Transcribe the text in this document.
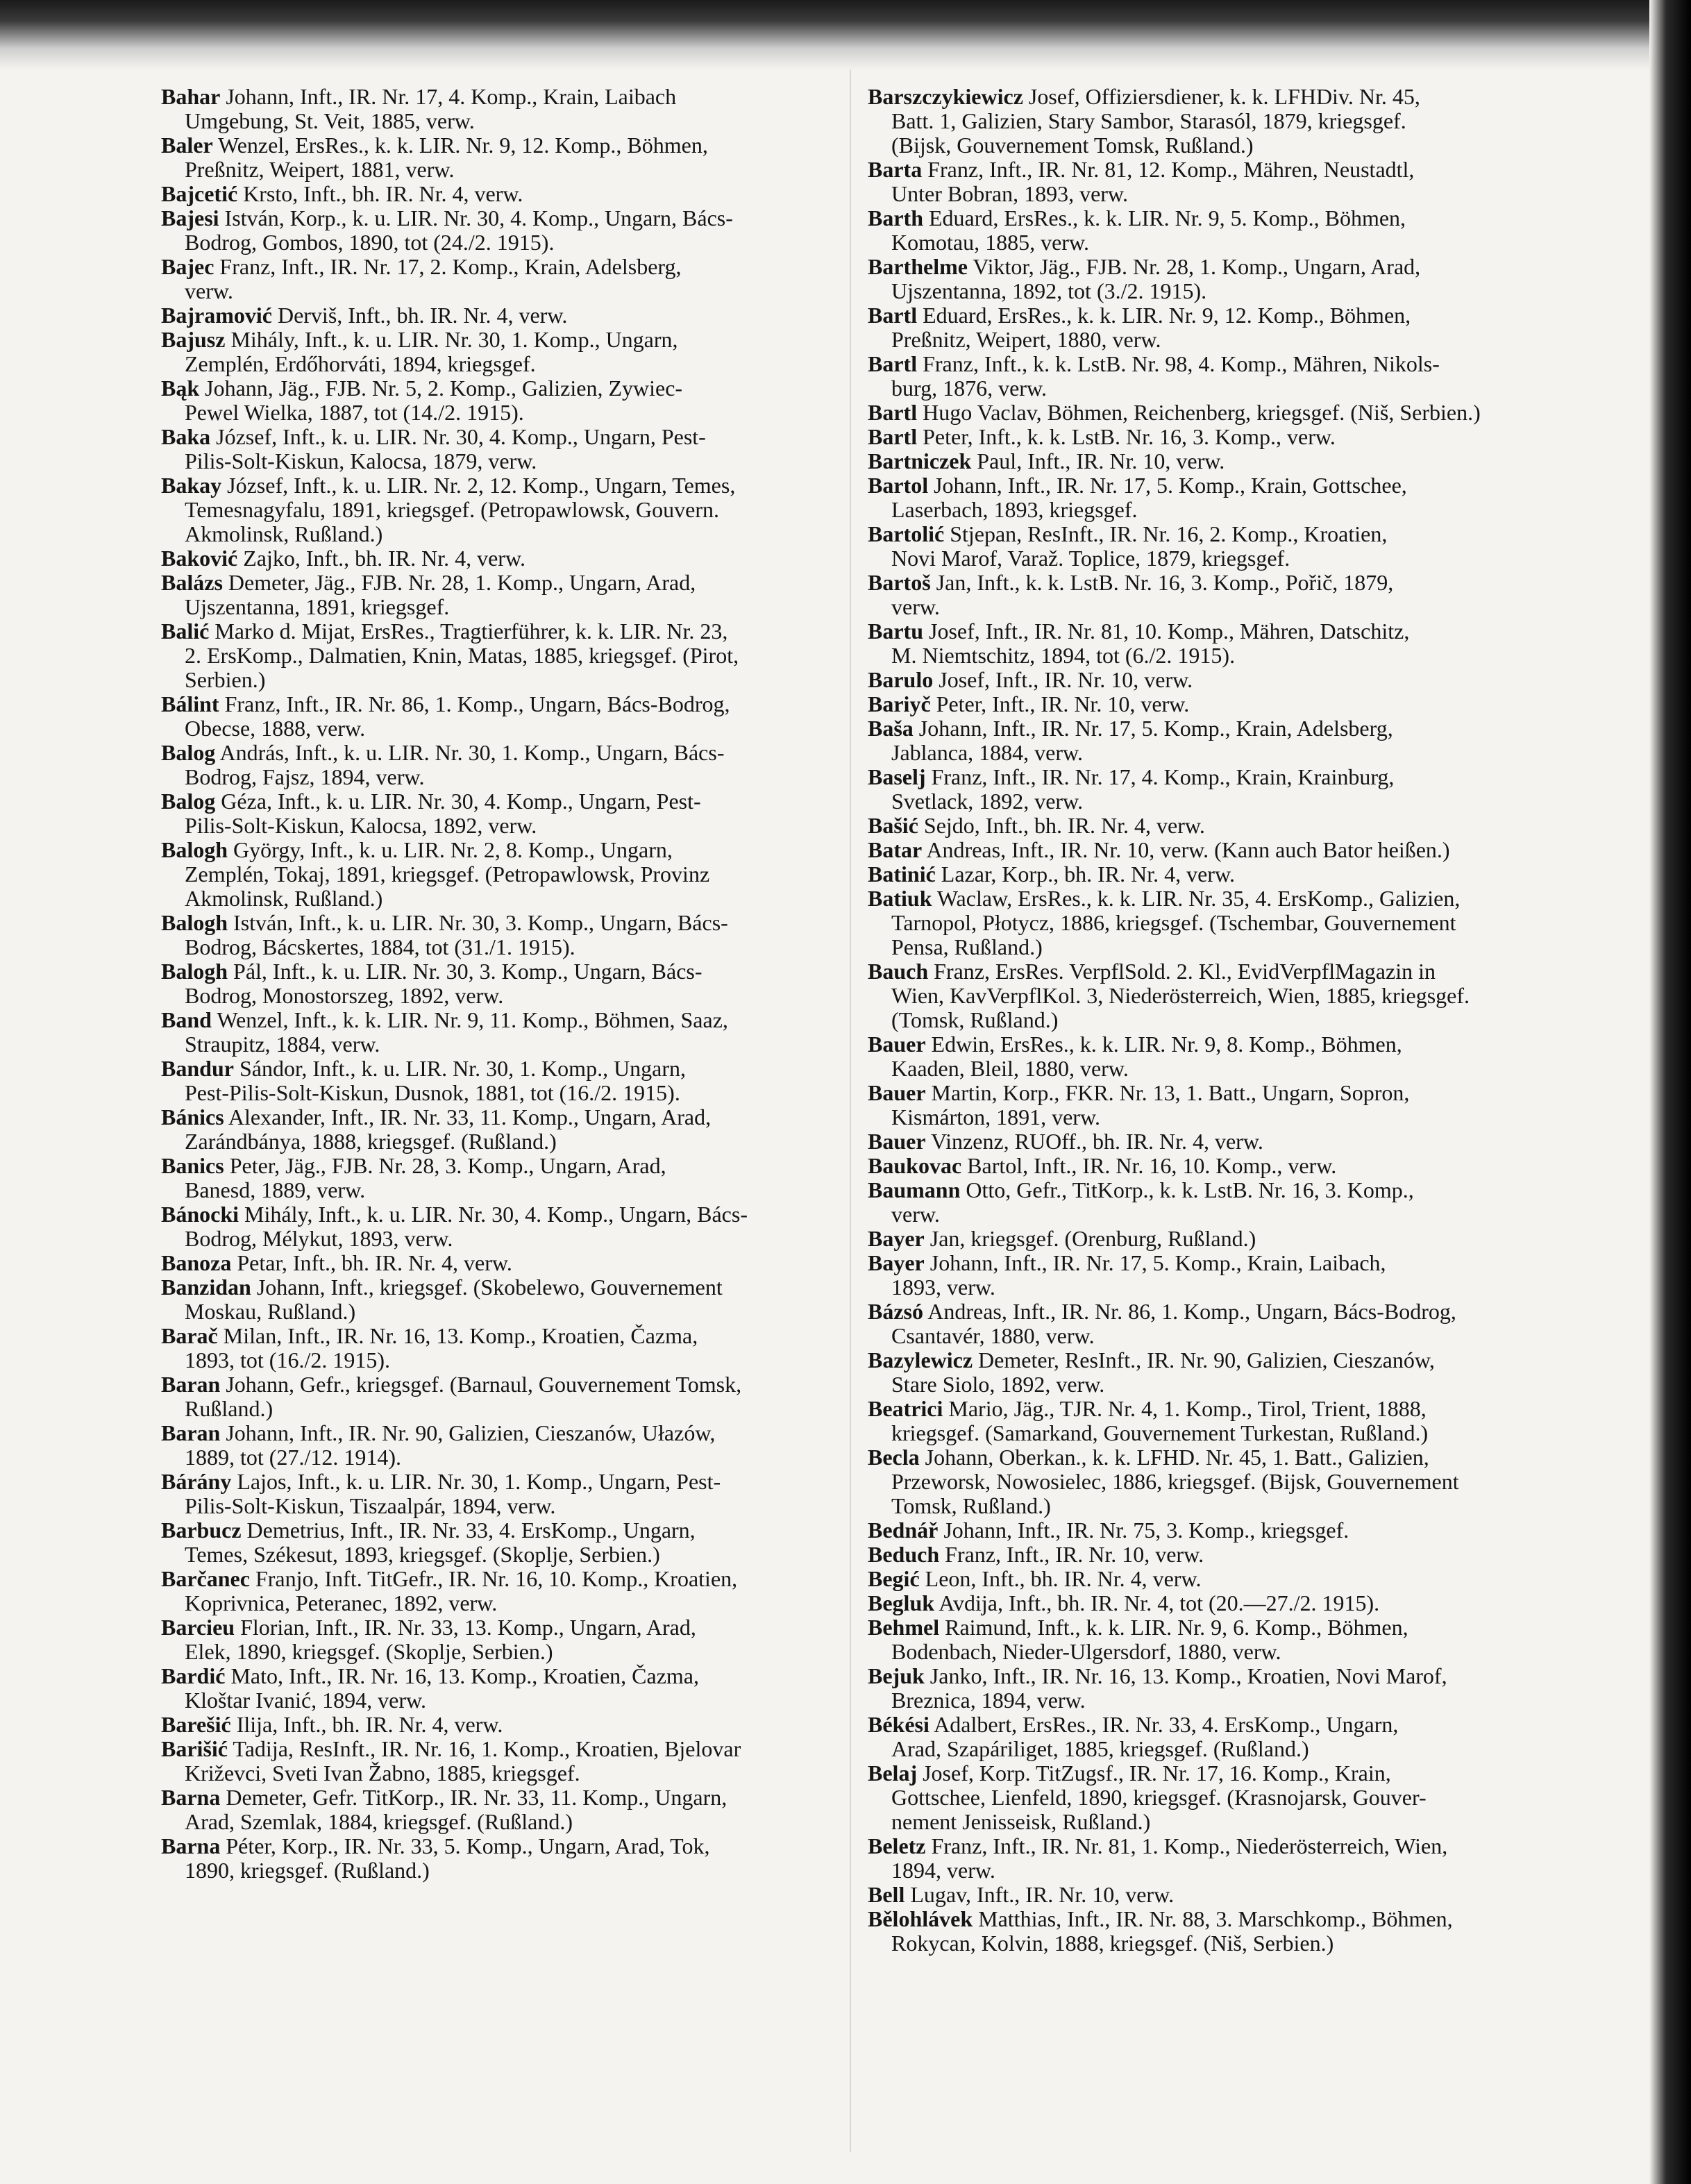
Bahar Johann, Inft., IR. Nr. 17, 4. Komp., Krain, Laibach
Umgebung, St. Veit, 1885, verw.
Baler Wenzel, ErsRes., k. k. LIR. Nr. 9, 12. Komp., Böhmen,
Preßnitz, Weipert, 1881, verw.
Bajcetić Krsto, Inft., bh. IR. Nr. 4, verw.
Bajesi István, Korp., k. u. LIR. Nr. 30, 4. Komp., Ungarn, Bács-
Bodrog, Gombos, 1890, tot (24./2. 1915).
Bajec Franz, Inft., IR. Nr. 17, 2. Komp., Krain, Adelsberg,
verw.
Bajramović Derviš, Inft., bh. IR. Nr. 4, verw.
Bajusz Mihály, Inft., k. u. LIR. Nr. 30, 1. Komp., Ungarn,
Zemplén, Erdőhorváti, 1894, kriegsgef.
Bąk Johann, Jäg., FJB. Nr. 5, 2. Komp., Galizien, Zywiec-
Pewel Wielka, 1887, tot (14./2. 1915).
Baka József, Inft., k. u. LIR. Nr. 30, 4. Komp., Ungarn, Pest-
Pilis-Solt-Kiskun, Kalocsa, 1879, verw.
Bakay József, Inft., k. u. LIR. Nr. 2, 12. Komp., Ungarn, Temes,
Temesnagyfalu, 1891, kriegsgef. (Petropawlowsk, Gouvern.
Akmolinsk, Rußland.)
Baković Zajko, Inft., bh. IR. Nr. 4, verw.
Balázs Demeter, Jäg., FJB. Nr. 28, 1. Komp., Ungarn, Arad,
Ujszentanna, 1891, kriegsgef.
Balić Marko d. Mijat, ErsRes., Tragtierführer, k. k. LIR. Nr. 23,
2. ErsKomp., Dalmatien, Knin, Matas, 1885, kriegsgef. (Pirot,
Serbien.)
Bálint Franz, Inft., IR. Nr. 86, 1. Komp., Ungarn, Bács-Bodrog,
Obecse, 1888, verw.
Balog András, Inft., k. u. LIR. Nr. 30, 1. Komp., Ungarn, Bács-
Bodrog, Fajsz, 1894, verw.
Balog Géza, Inft., k. u. LIR. Nr. 30, 4. Komp., Ungarn, Pest-
Pilis-Solt-Kiskun, Kalocsa, 1892, verw.
Balogh György, Inft., k. u. LIR. Nr. 2, 8. Komp., Ungarn,
Zemplén, Tokaj, 1891, kriegsgef. (Petropawlowsk, Provinz
Akmolinsk, Rußland.)
Balogh István, Inft., k. u. LIR. Nr. 30, 3. Komp., Ungarn, Bács-
Bodrog, Bácskertes, 1884, tot (31./1. 1915).
Balogh Pál, Inft., k. u. LIR. Nr. 30, 3. Komp., Ungarn, Bács-
Bodrog, Monostorszeg, 1892, verw.
Band Wenzel, Inft., k. k. LIR. Nr. 9, 11. Komp., Böhmen, Saaz,
Straupitz, 1884, verw.
Bandur Sándor, Inft., k. u. LIR. Nr. 30, 1. Komp., Ungarn,
Pest-Pilis-Solt-Kiskun, Dusnok, 1881, tot (16./2. 1915).
Bánics Alexander, Inft., IR. Nr. 33, 11. Komp., Ungarn, Arad,
Zarándbánya, 1888, kriegsgef. (Rußland.)
Banics Peter, Jäg., FJB. Nr. 28, 3. Komp., Ungarn, Arad,
Banesd, 1889, verw.
Bánocki Mihály, Inft., k. u. LIR. Nr. 30, 4. Komp., Ungarn, Bács-
Bodrog, Mélykut, 1893, verw.
Banoza Petar, Inft., bh. IR. Nr. 4, verw.
Banzidan Johann, Inft., kriegsgef. (Skobelewo, Gouvernement
Moskau, Rußland.)
Barač Milan, Inft., IR. Nr. 16, 13. Komp., Kroatien, Čazma,
1893, tot (16./2. 1915).
Baran Johann, Gefr., kriegsgef. (Barnaul, Gouvernement Tomsk,
Rußland.)
Baran Johann, Inft., IR. Nr. 90, Galizien, Cieszanów, Ułazów,
1889, tot (27./12. 1914).
Bárány Lajos, Inft., k. u. LIR. Nr. 30, 1. Komp., Ungarn, Pest-
Pilis-Solt-Kiskun, Tiszaalpár, 1894, verw.
Barbucz Demetrius, Inft., IR. Nr. 33, 4. ErsKomp., Ungarn,
Temes, Székesut, 1893, kriegsgef. (Skoplje, Serbien.)
Barčanec Franjo, Inft. TitGefr., IR. Nr. 16, 10. Komp., Kroatien,
Koprivnica, Peteranec, 1892, verw.
Barcieu Florian, Inft., IR. Nr. 33, 13. Komp., Ungarn, Arad,
Elek, 1890, kriegsgef. (Skoplje, Serbien.)
Bardić Mato, Inft., IR. Nr. 16, 13. Komp., Kroatien, Čazma,
Kloštar Ivanić, 1894, verw.
Barešić Ilija, Inft., bh. IR. Nr. 4, verw.
Barišić Tadija, ResInft., IR. Nr. 16, 1. Komp., Kroatien, Bjelovar
Križevci, Sveti Ivan Žabno, 1885, kriegsgef.
Barna Demeter, Gefr. TitKorp., IR. Nr. 33, 11. Komp., Ungarn,
Arad, Szemlak, 1884, kriegsgef. (Rußland.)
Barna Péter, Korp., IR. Nr. 33, 5. Komp., Ungarn, Arad, Tok,
1890, kriegsgef. (Rußland.)
Barszczykiewicz Josef, Offiziersdiener, k. k. LFHDiv. Nr. 45,
Batt. 1, Galizien, Stary Sambor, Starasól, 1879, kriegsgef.
(Bijsk, Gouvernement Tomsk, Rußland.)
Barta Franz, Inft., IR. Nr. 81, 12. Komp., Mähren, Neustadtl,
Unter Bobran, 1893, verw.
Barth Eduard, ErsRes., k. k. LIR. Nr. 9, 5. Komp., Böhmen,
Komotau, 1885, verw.
Barthelme Viktor, Jäg., FJB. Nr. 28, 1. Komp., Ungarn, Arad,
Ujszentanna, 1892, tot (3./2. 1915).
Bartl Eduard, ErsRes., k. k. LIR. Nr. 9, 12. Komp., Böhmen,
Preßnitz, Weipert, 1880, verw.
Bartl Franz, Inft., k. k. LstB. Nr. 98, 4. Komp., Mähren, Nikols-
burg, 1876, verw.
Bartl Hugo Vaclav, Böhmen, Reichenberg, kriegsgef. (Niš, Serbien.)
Bartl Peter, Inft., k. k. LstB. Nr. 16, 3. Komp., verw.
Bartniczek Paul, Inft., IR. Nr. 10, verw.
Bartol Johann, Inft., IR. Nr. 17, 5. Komp., Krain, Gottschee,
Laserbach, 1893, kriegsgef.
Bartolić Stjepan, ResInft., IR. Nr. 16, 2. Komp., Kroatien,
Novi Marof, Varaž. Toplice, 1879, kriegsgef.
Bartoš Jan, Inft., k. k. LstB. Nr. 16, 3. Komp., Pořič, 1879,
verw.
Bartu Josef, Inft., IR. Nr. 81, 10. Komp., Mähren, Datschitz,
M. Niemtschitz, 1894, tot (6./2. 1915).
Barulo Josef, Inft., IR. Nr. 10, verw.
Bariyč Peter, Inft., IR. Nr. 10, verw.
Baša Johann, Inft., IR. Nr. 17, 5. Komp., Krain, Adelsberg,
Jablanca, 1884, verw.
Baselj Franz, Inft., IR. Nr. 17, 4. Komp., Krain, Krainburg,
Svetlack, 1892, verw.
Bašić Sejdo, Inft., bh. IR. Nr. 4, verw.
Batar Andreas, Inft., IR. Nr. 10, verw. (Kann auch Bator heißen.)
Batinić Lazar, Korp., bh. IR. Nr. 4, verw.
Batiuk Waclaw, ErsRes., k. k. LIR. Nr. 35, 4. ErsKomp., Galizien,
Tarnopol, Płotycz, 1886, kriegsgef. (Tschembar, Gouvernement
Pensa, Rußland.)
Bauch Franz, ErsRes. VerpflSold. 2. Kl., EvidVerpflMagazin in
Wien, KavVerpflKol. 3, Niederösterreich, Wien, 1885, kriegsgef.
(Tomsk, Rußland.)
Bauer Edwin, ErsRes., k. k. LIR. Nr. 9, 8. Komp., Böhmen,
Kaaden, Bleil, 1880, verw.
Bauer Martin, Korp., FKR. Nr. 13, 1. Batt., Ungarn, Sopron,
Kismárton, 1891, verw.
Bauer Vinzenz, RUOff., bh. IR. Nr. 4, verw.
Baukovac Bartol, Inft., IR. Nr. 16, 10. Komp., verw.
Baumann Otto, Gefr., TitKorp., k. k. LstB. Nr. 16, 3. Komp.,
verw.
Bayer Jan, kriegsgef. (Orenburg, Rußland.)
Bayer Johann, Inft., IR. Nr. 17, 5. Komp., Krain, Laibach,
1893, verw.
Bázsó Andreas, Inft., IR. Nr. 86, 1. Komp., Ungarn, Bács-Bodrog,
Csantavér, 1880, verw.
Bazylewicz Demeter, ResInft., IR. Nr. 90, Galizien, Cieszanów,
Stare Siolo, 1892, verw.
Beatrici Mario, Jäg., TJR. Nr. 4, 1. Komp., Tirol, Trient, 1888,
kriegsgef. (Samarkand, Gouvernement Turkestan, Rußland.)
Becla Johann, Oberkan., k. k. LFHD. Nr. 45, 1. Batt., Galizien,
Przeworsk, Nowosielec, 1886, kriegsgef. (Bijsk, Gouvernement
Tomsk, Rußland.)
Bednář Johann, Inft., IR. Nr. 75, 3. Komp., kriegsgef.
Beduch Franz, Inft., IR. Nr. 10, verw.
Begić Leon, Inft., bh. IR. Nr. 4, verw.
Begluk Avdija, Inft., bh. IR. Nr. 4, tot (20.—27./2. 1915).
Behmel Raimund, Inft., k. k. LIR. Nr. 9, 6. Komp., Böhmen,
Bodenbach, Nieder-Ulgersdorf, 1880, verw.
Bejuk Janko, Inft., IR. Nr. 16, 13. Komp., Kroatien, Novi Marof,
Breznica, 1894, verw.
Békési Adalbert, ErsRes., IR. Nr. 33, 4. ErsKomp., Ungarn,
Arad, Szapáriliget, 1885, kriegsgef. (Rußland.)
Belaj Josef, Korp. TitZugsf., IR. Nr. 17, 16. Komp., Krain,
Gottschee, Lienfeld, 1890, kriegsgef. (Krasnojarsk, Gouver-
nement Jenisseisk, Rußland.)
Beletz Franz, Inft., IR. Nr. 81, 1. Komp., Niederösterreich, Wien,
1894, verw.
Bell Lugav, Inft., IR. Nr. 10, verw.
Bělohlávek Matthias, Inft., IR. Nr. 88, 3. Marschkomp., Böhmen,
Rokycan, Kolvin, 1888, kriegsgef. (Niš, Serbien.)
